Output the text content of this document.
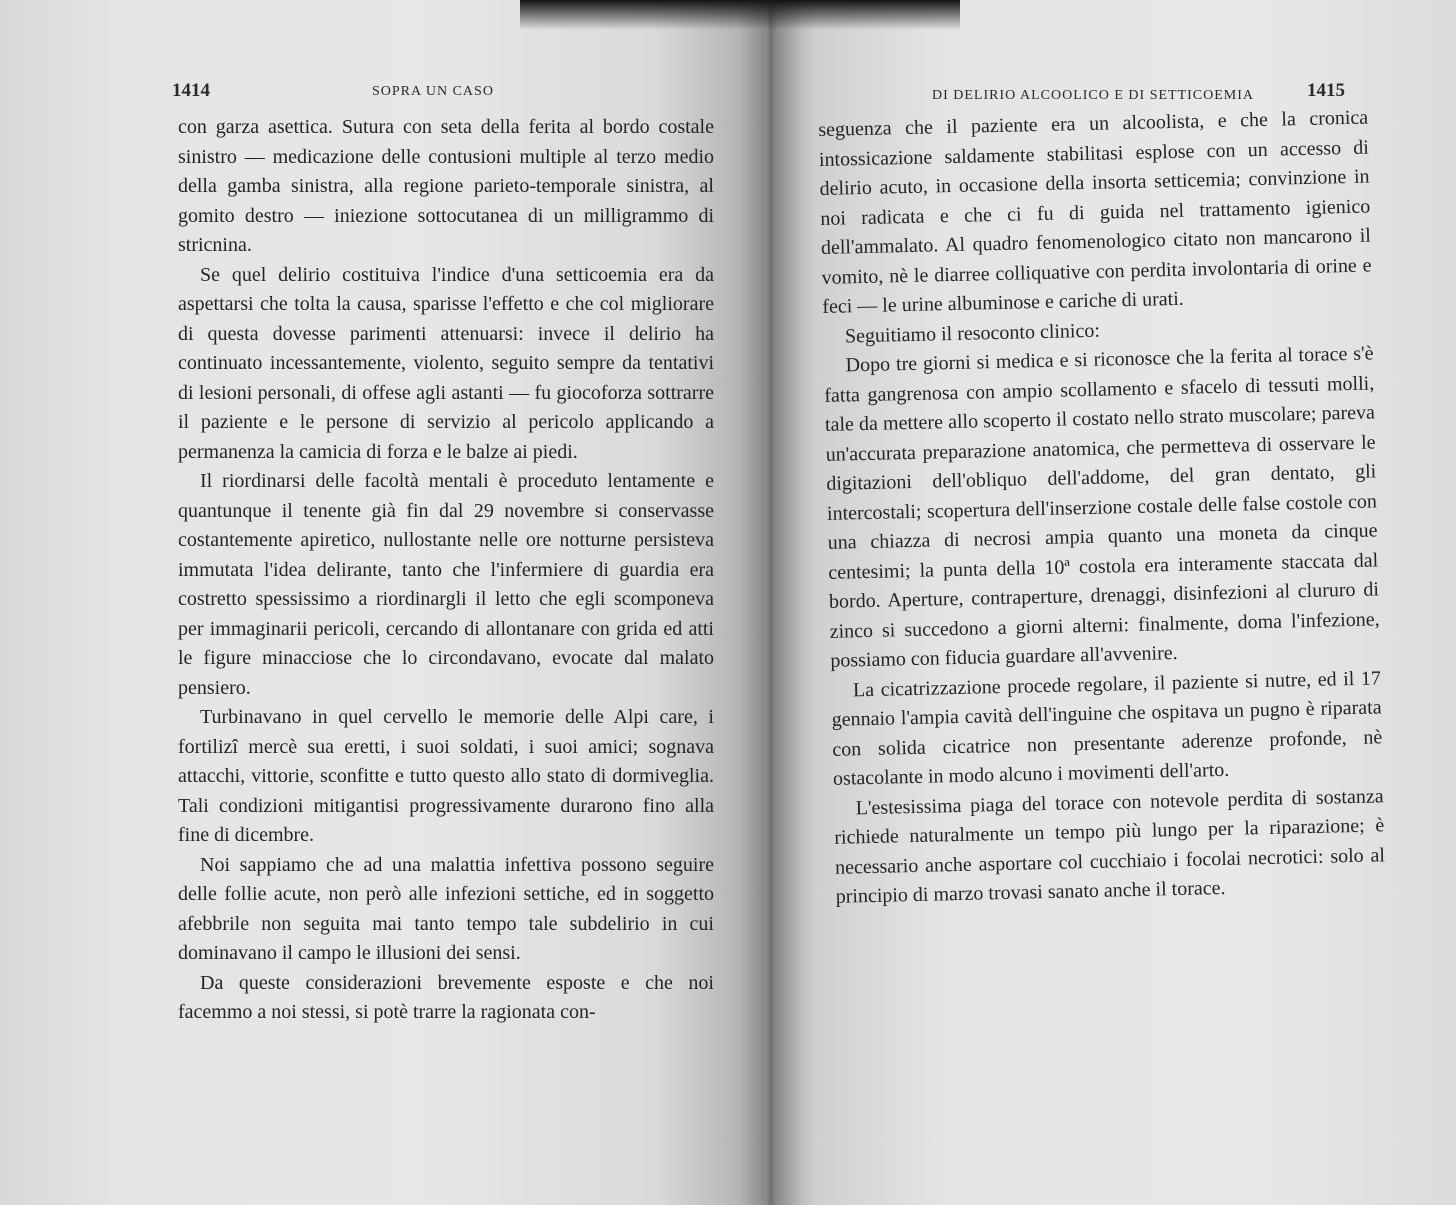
1414	SOPRA UN CASO

con garza asettica. Sutura con seta della ferita al bordo costale sinistro — medicazione delle contusioni multiple al terzo medio della gamba sinistra, alla regione parieto-temporale sinistra, al gomito destro — iniezione sottocutanea di un milligrammo di stricnina.

Se quel delirio costituiva l'indice d'una setticoemia era da aspettarsi che tolta la causa, sparisse l'effetto e che col migliorare di questa dovesse parimenti attenuarsi: invece il delirio ha continuato incessantemente, violento, seguito sempre da tentativi di lesioni personali, di offese agli astanti — fu giocoforza sottrarre il paziente e le persone di servizio al pericolo applicando a permanenza la camicia di forza e le balze ai piedi.

Il riordinarsi delle facoltà mentali è proceduto lentamente e quantunque il tenente già fin dal 29 novembre si conservasse costantemente apiretico, nullostante nelle ore notturne persisteva immutata l'idea delirante, tanto che l'infermiere di guardia era costretto spessissimo a riordinargli il letto che egli scomponeva per immaginarii pericoli, cercando di allontanare con grida ed atti le figure minacciose che lo circondavano, evocate dal malato pensiero.

Turbinavano in quel cervello le memorie delle Alpi care, i fortilizî mercè sua eretti, i suoi soldati, i suoi amici; sognava attacchi, vittorie, sconfitte e tutto questo allo stato di dormiveglia. Tali condizioni mitigantisi progressivamente durarono fino alla fine di dicembre.

Noi sappiamo che ad una malattia infettiva possono seguire delle follie acute, non però alle infezioni settiche, ed in soggetto afebbrile non seguita mai tanto tempo tale subdelirio in cui dominavano il campo le illusioni dei sensi.

Da queste considerazioni brevemente esposte e che noi facemmo a noi stessi, si potè trarre la ragionata con-

DI DELIRIO ALCOOLICO E DI SETTICOEMIA	1415

seguenza che il paziente era un alcoolista, e che la cronica intossicazione saldamente stabilitasi esplose con un accesso di delirio acuto, in occasione della insorta setticemia; convinzione in noi radicata e che ci fu di guida nel trattamento igienico dell'ammalato. Al quadro fenomenologico citato non mancarono il vomito, nè le diarree colliquative con perdita involontaria di orine e feci — le urine albuminose e cariche di urati.

Seguitiamo il resoconto clinico:

Dopo tre giorni si medica e si riconosce che la ferita al torace s'è fatta gangrenosa con ampio scollamento e sfacelo di tessuti molli, tale da mettere allo scoperto il costato nello strato muscolare; pareva un'accurata preparazione anatomica, che permetteva di osservare le digitazioni dell'obliquo dell'addome, del gran dentato, gli intercostali; scopertura dell'inserzione costale delle false costole con una chiazza di necrosi ampia quanto una moneta da cinque centesimi; la punta della 10ª costola era interamente staccata dal bordo. Aperture, contraperture, drenaggi, disinfezioni al clururo di zinco si succedono a giorni alterni: finalmente, doma l'infezione, possiamo con fiducia guardare all'avvenire.

La cicatrizzazione procede regolare, il paziente si nutre, ed il 17 gennaio l'ampia cavità dell'inguine che ospitava un pugno è riparata con solida cicatrice non presentante aderenze profonde, nè ostacolante in modo alcuno i movimenti dell'arto.

L'estesissima piaga del torace con notevole perdita di sostanza richiede naturalmente un tempo più lungo per la riparazione; è necessario anche asportare col cucchiaio i focolai necrotici: solo al principio di marzo trovasi sanato anche il torace.
